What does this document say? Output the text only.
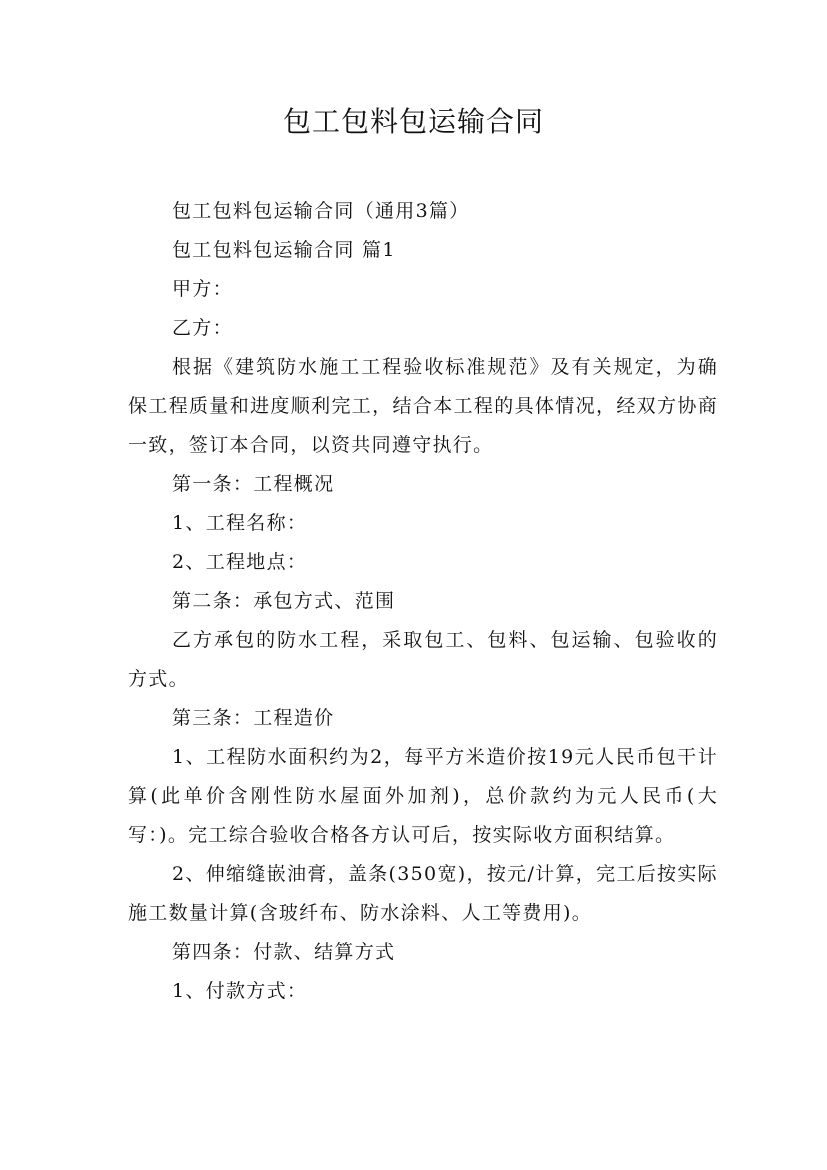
包工包料包运输合同

包工包料包运输合同（通用3篇）

包工包料包运输合同 篇1

甲方：

乙方：

根据《建筑防水施工工程验收标准规范》及有关规定，为确保工程质量和进度顺利完工，结合本工程的具体情况，经双方协商一致，签订本合同，以资共同遵守执行。

第一条：工程概况

1、工程名称：

2、工程地点：

第二条：承包方式、范围

乙方承包的防水工程，采取包工、包料、包运输、包验收的方式。

第三条：工程造价

1、工程防水面积约为2，每平方米造价按19元人民币包干计算(此单价含刚性防水屋面外加剂)，总价款约为元人民币(大写：)。完工综合验收合格各方认可后，按实际收方面积结算。

2、伸缩缝嵌油膏，盖条(350宽)，按元/计算，完工后按实际施工数量计算(含玻纤布、防水涂料、人工等费用)。

第四条：付款、结算方式

1、付款方式：
